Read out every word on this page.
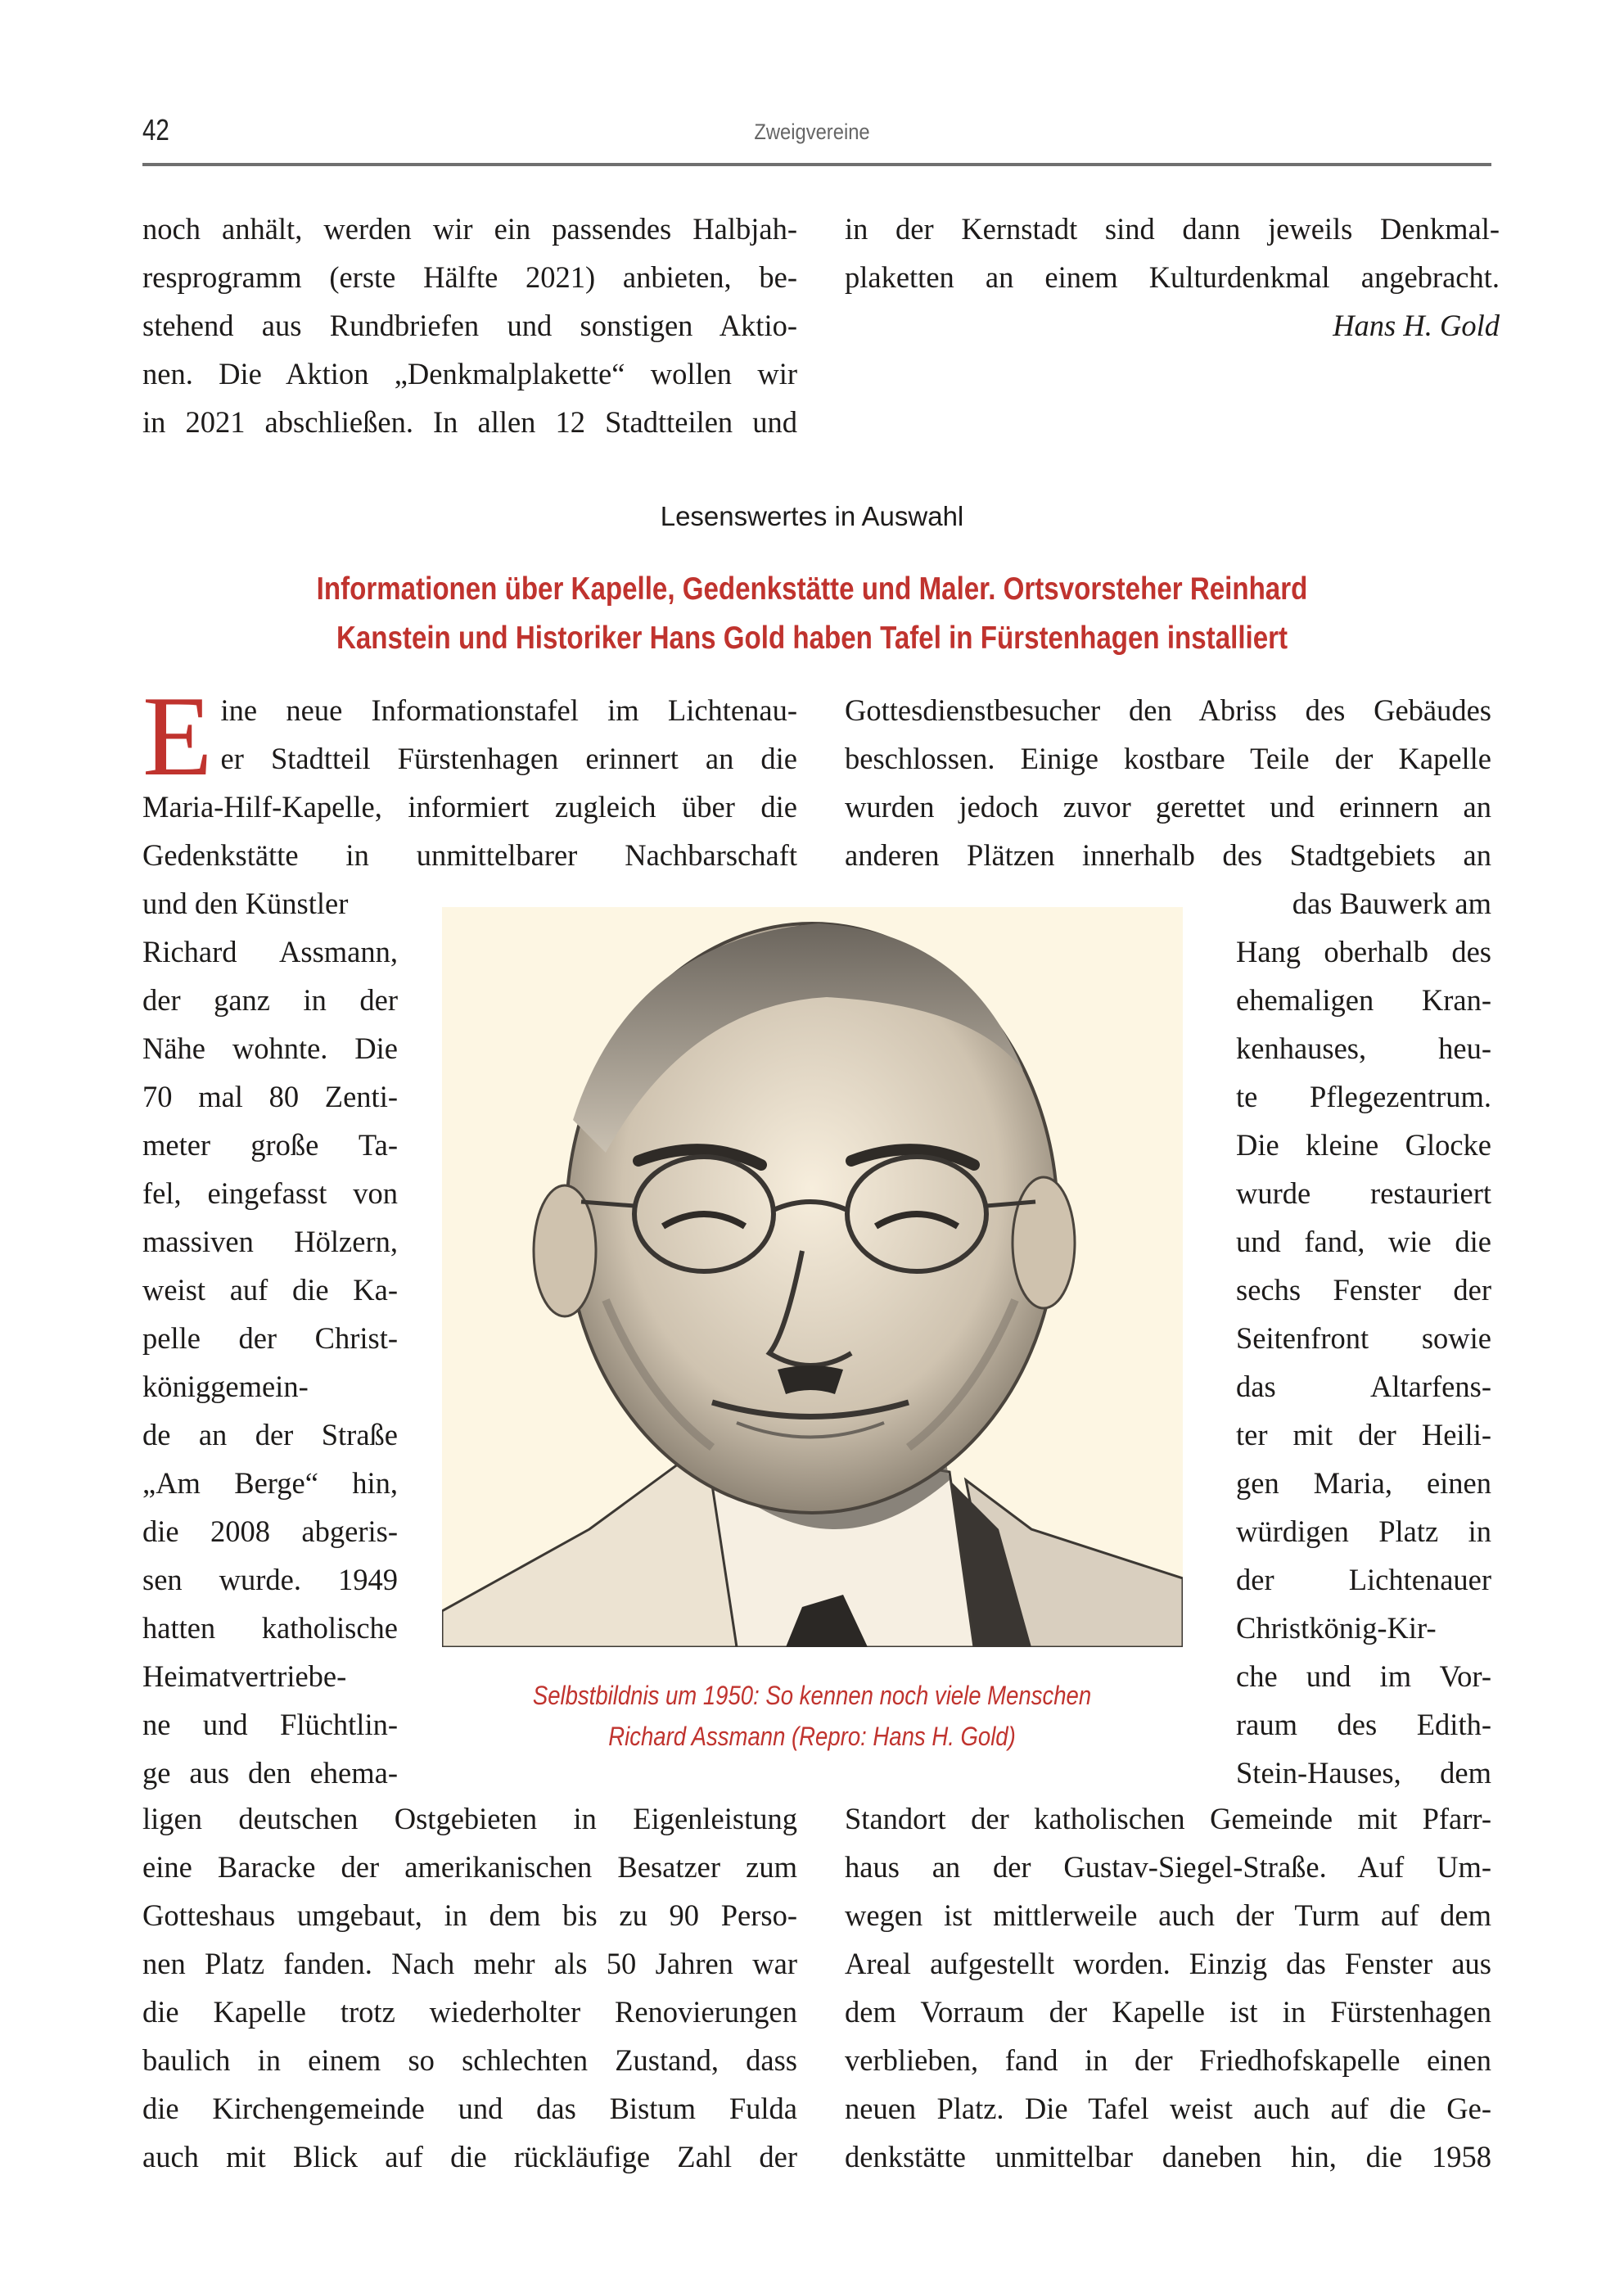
42	Zweigvereine
noch anhält, werden wir ein passendes Halbjah-
resprogramm (erste Hälfte 2021) anbieten, be-
stehend aus Rundbriefen und sonstigen Aktio-
nen. Die Aktion „Denkmalplakette“ wollen wir
in 2021 abschließen. In allen 12 Stadtteilen und
in der Kernstadt sind dann jeweils Denkmal-
plaketten an einem Kulturdenkmal angebracht.
Hans H. Gold
Lesenswertes in Auswahl
Informationen über Kapelle, Gedenkstätte und Maler. Ortsvorsteher Reinhard
Kanstein und Historiker Hans Gold haben Tafel in Fürstenhagen installiert
E ine neue Informationstafel im Lichtenau-
er Stadtteil Fürstenhagen erinnert an die
Maria-Hilf-Kapelle, informiert zugleich über die
Gedenkstätte in unmittelbarer Nachbarschaft
und den Künstler
Richard Assmann,
der ganz in der
Nähe wohnte. Die
70 mal 80 Zenti-
meter große Ta-
fel, eingefasst von
massiven Hölzern,
weist auf die Ka-
pelle der Christ-
königgemein-
de an der Straße
„Am Berge“ hin,
die 2008 abgeris-
sen wurde. 1949
hatten katholische
Heimatvertriebe-
ne und Flüchtlin-
ge aus den ehema-
ligen deutschen Ostgebieten in Eigenleistung
eine Baracke der amerikanischen Besatzer zum
Gotteshaus umgebaut, in dem bis zu 90 Perso-
nen Platz fanden. Nach mehr als 50 Jahren war
die Kapelle trotz wiederholter Renovierungen
baulich in einem so schlechten Zustand, dass
die Kirchengemeinde und das Bistum Fulda
auch mit Blick auf die rückläufige Zahl der
Gottesdienstbesucher den Abriss des Gebäudes
beschlossen. Einige kostbare Teile der Kapelle
wurden jedoch zuvor gerettet und erinnern an
anderen Plätzen innerhalb des Stadtgebiets an
das Bauwerk am
Hang oberhalb des
ehemaligen Kran-
kenhauses, heu-
te Pflegezentrum.
Die kleine Glocke
wurde restauriert
und fand, wie die
sechs Fenster der
Seitenfront sowie
das Altarfens-
ter mit der Heili-
gen Maria, einen
würdigen Platz in
der Lichtenauer
Christkönig-Kir-
che und im Vor-
raum des Edith-
Stein-Hauses, dem
Standort der katholischen Gemeinde mit Pfarr-
haus an der Gustav-Siegel-Straße. Auf Um-
wegen ist mittlerweile auch der Turm auf dem
Areal aufgestellt worden. Einzig das Fenster aus
dem Vorraum der Kapelle ist in Fürstenhagen
verblieben, fand in der Friedhofskapelle einen
neuen Platz. Die Tafel weist auch auf die Ge-
denkstätte unmittelbar daneben hin, die 1958
Selbstbildnis um 1950: So kennen noch viele Menschen
Richard Assmann (Repro: Hans H. Gold)
